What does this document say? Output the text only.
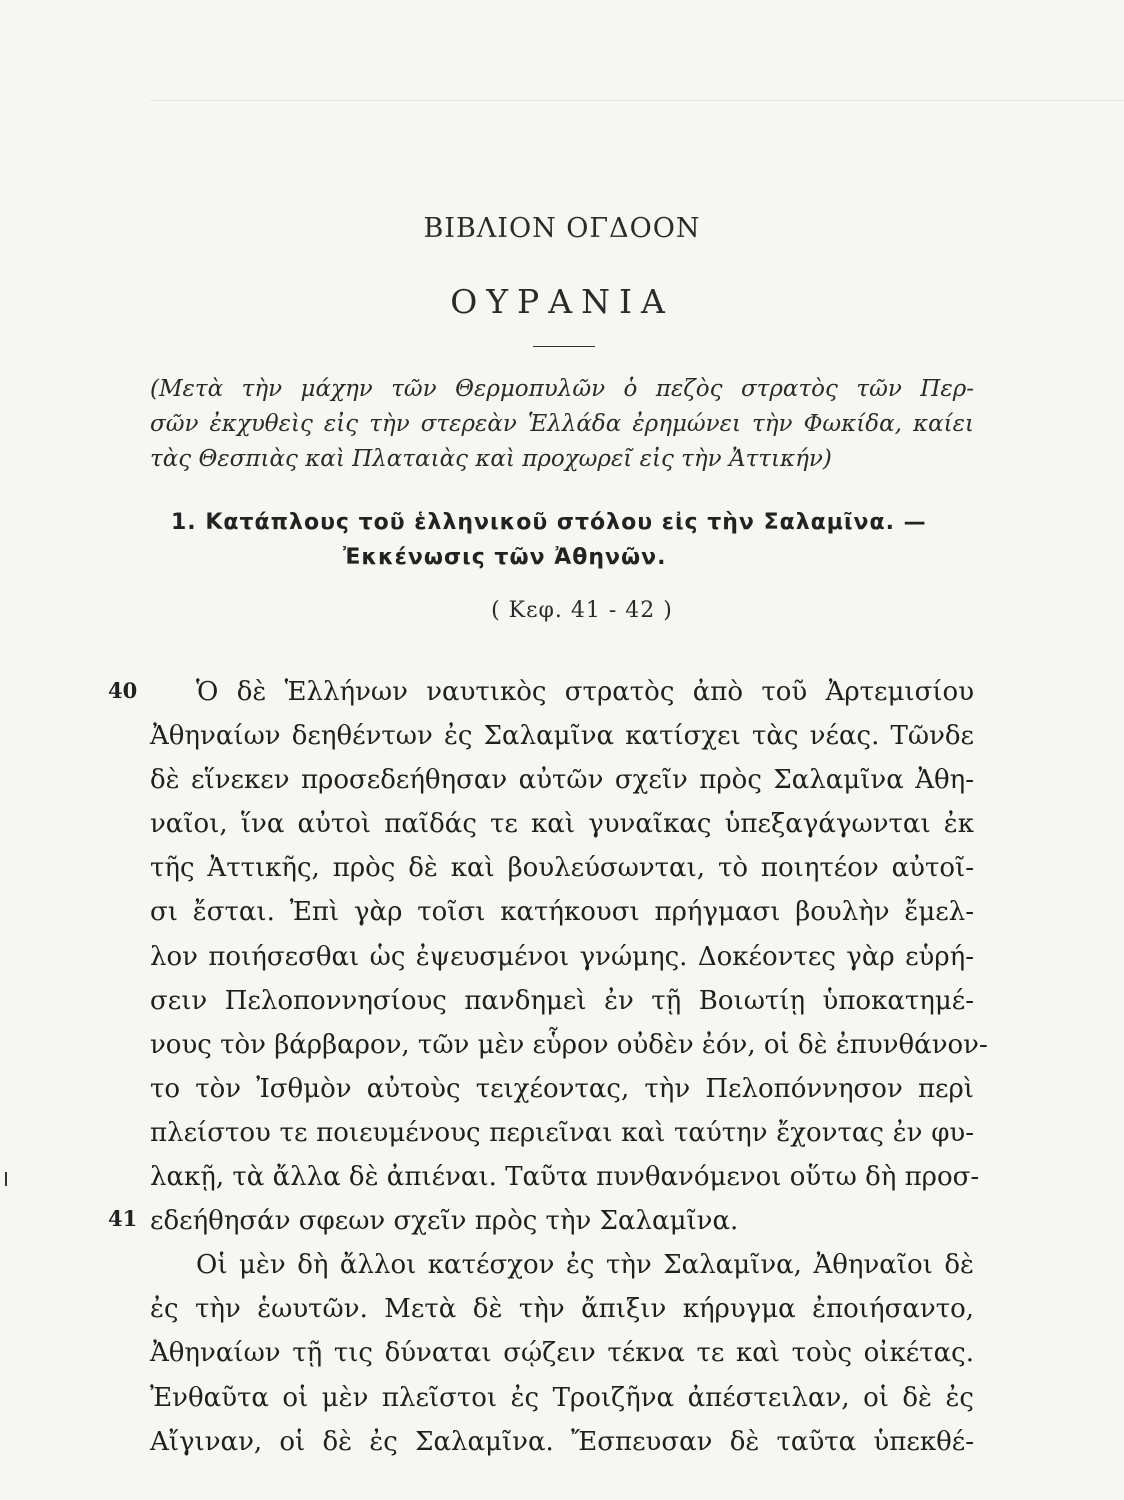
ΒΙΒΛΙΟΝ ΟΓΔΟΟΝ
ΟΥΡΑΝΙΑ
(Μετὰ τὴν μάχην τῶν Θερμοπυλῶν ὁ πεζὸς στρατὸς τῶν Περ-
σῶν ἐκχυθεὶς εἰς τὴν στερεὰν Ἑλλάδα ἐρημώνει τὴν Φωκίδα, καίει
τὰς Θεσπιὰς καὶ Πλαταιὰς καὶ προχωρεῖ εἰς τὴν Ἀττικήν)
1. Κατάπλους τοῦ ἑλληνικοῦ στόλου εἰς τὴν Σαλαμῖνα. —
Ἐκκένωσις τῶν Ἀθηνῶν.
( Κεφ. 41 - 42 )
40
41
Ὁ δὲ Ἑλλήνων ναυτικὸς στρατὸς ἀπὸ τοῦ Ἀρτεμισίου
Ἀθηναίων δεηθέντων ἐς Σαλαμῖνα κατίσχει τὰς νέας. Τῶνδε
δὲ εἵνεκεν προσεδεήθησαν αὐτῶν σχεῖν πρὸς Σαλαμῖνα Ἀθη-
ναῖοι, ἵνα αὐτοὶ παῖδάς τε καὶ γυναῖκας ὑπεξαγάγωνται ἐκ
τῆς Ἀττικῆς, πρὸς δὲ καὶ βουλεύσωνται, τὸ ποιητέον αὐτοῖ-
σι ἔσται. Ἐπὶ γὰρ τοῖσι κατήκουσι πρήγμασι βουλὴν ἔμελ-
λον ποιήσεσθαι ὡς ἐψευσμένοι γνώμης. Δοκέοντες γὰρ εὑρή-
σειν Πελοποννησίους πανδημεὶ ἐν τῇ Βοιωτίῃ ὑποκατημέ-
νους τὸν βάρβαρον, τῶν μὲν εὗρον οὐδὲν ἐόν, οἱ δὲ ἐπυνθάνον-
το τὸν Ἰσθμὸν αὐτοὺς τειχέοντας, τὴν Πελοπόννησον περὶ
πλείστου τε ποιευμένους περιεῖναι καὶ ταύτην ἔχοντας ἐν φυ-
λακῇ, τὰ ἄλλα δὲ ἀπιέναι. Ταῦτα πυνθανόμενοι οὕτω δὴ προσ-
εδεήθησάν σφεων σχεῖν πρὸς τὴν Σαλαμῖνα.
Οἱ μὲν δὴ ἄλλοι κατέσχον ἐς τὴν Σαλαμῖνα, Ἀθηναῖοι δὲ
ἐς τὴν ἑωυτῶν. Μετὰ δὲ τὴν ἄπιξιν κήρυγμα ἐποιήσαντο,
Ἀθηναίων τῇ τις δύναται σῴζειν τέκνα τε καὶ τοὺς οἰκέτας.
Ἐνθαῦτα οἱ μὲν πλεῖστοι ἐς Τροιζῆνα ἀπέστειλαν, οἱ δὲ ἐς
Αἴγιναν, οἱ δὲ ἐς Σαλαμῖνα. Ἔσπευσαν δὲ ταῦτα ὑπεκθέ-
